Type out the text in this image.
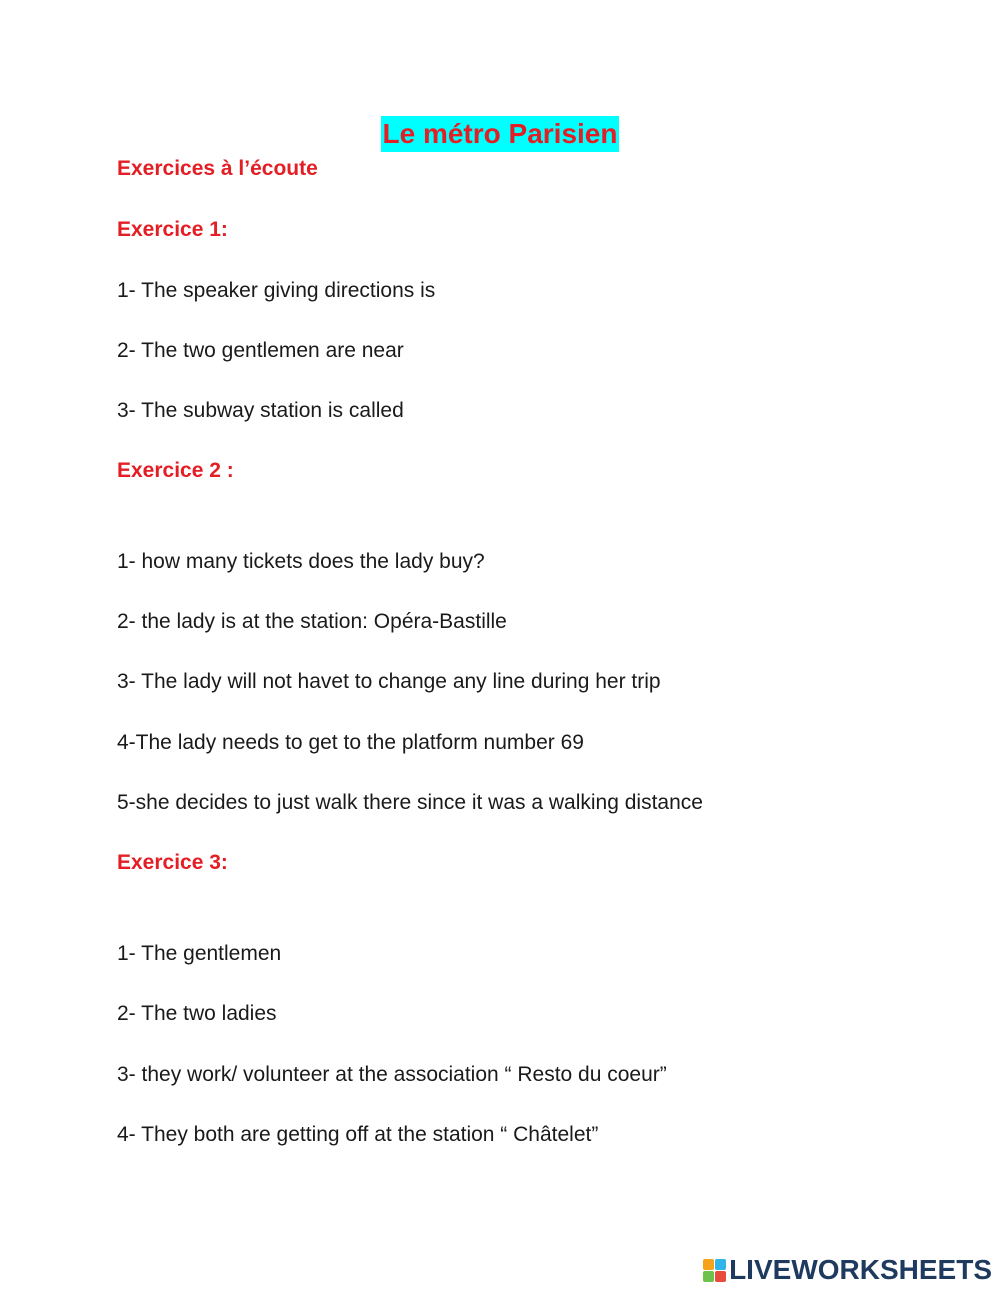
Le métro Parisien
Exercices à l’écoute
Exercice 1:
1- The speaker giving directions is
2- The two gentlemen are near
3- The subway station is called
Exercice 2 :
1- how many tickets does the lady buy?
2- the lady is at the station: Opéra-Bastille
3- The lady will not havet to change any line during her trip
4-The lady needs to get to the platform number 69
5-she decides to just walk there since it was a walking distance
Exercice 3:
1- The gentlemen
2- The two ladies
3- they work/ volunteer at the association “ Resto du coeur”
4- They both are getting off at the station “ Châtelet”
LIVEWORKSHEETS
